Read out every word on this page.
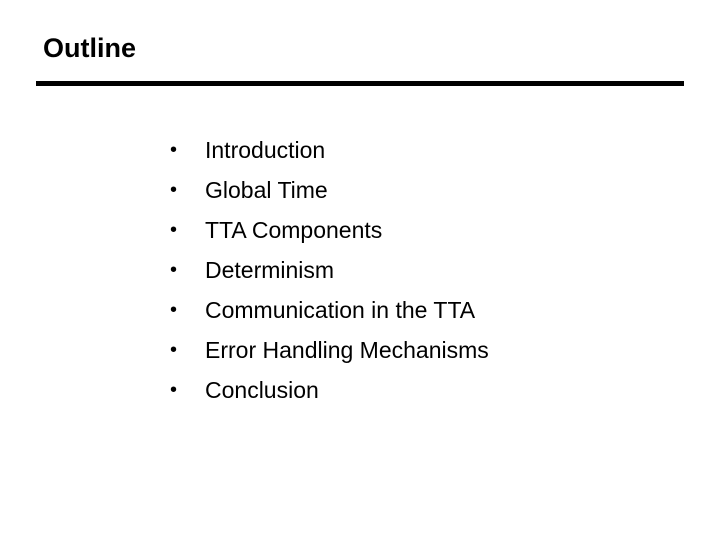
Outline
•	Introduction
•	Global Time
•	TTA Components
•	Determinism
•	Communication in the TTA
•	Error Handling Mechanisms
•	Conclusion
